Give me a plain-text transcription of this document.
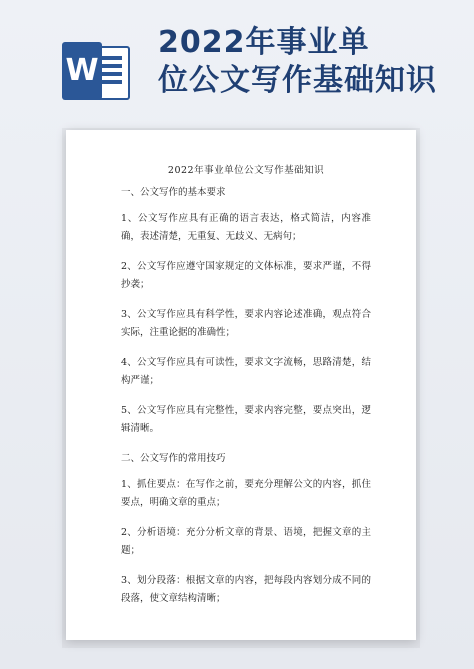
W
2022年事业单
位公文写作基础知识
2022年事业单位公文写作基础知识
一、公文写作的基本要求
1、公文写作应具有正确的语言表达，格式简洁，内容准确，表述清楚，无重复、无歧义、无病句；
2、公文写作应遵守国家规定的文体标准，要求严谨，不得抄袭；
3、公文写作应具有科学性，要求内容论述准确，观点符合实际，注重论据的准确性；
4、公文写作应具有可读性，要求文字流畅，思路清楚，结构严谨；
5、公文写作应具有完整性，要求内容完整，要点突出，逻辑清晰。
二、公文写作的常用技巧
1、抓住要点：在写作之前，要充分理解公文的内容，抓住要点，明确文章的重点；
2、分析语境：充分分析文章的背景、语境，把握文章的主题；
3、划分段落：根据文章的内容，把每段内容划分成不同的段落，使文章结构清晰；
